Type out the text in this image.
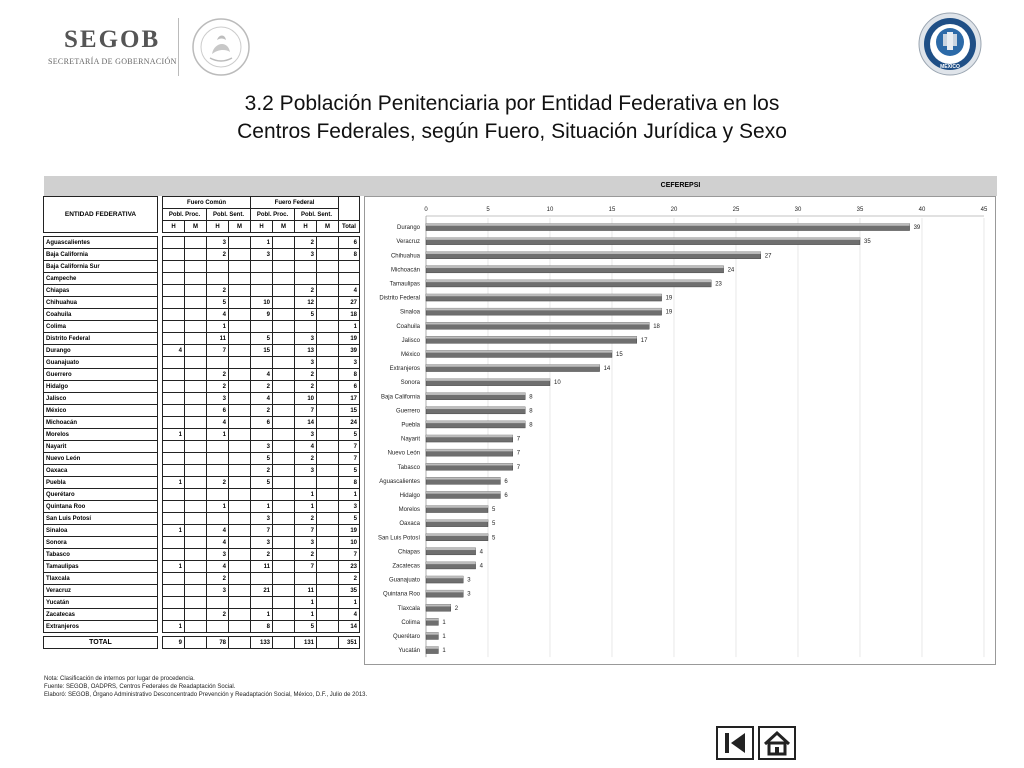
SEGOB
SECRETARÍA DE GOBERNACIÓN
MÉXICO
3.2 Población Penitenciaria por Entidad Federativa en los
Centros Federales, según Fuero, Situación Jurídica y Sexo
CEFEREPSI
ENTIDAD FEDERATIVA		Fuero Común				Fuero Federal				
		Pobl. Proc.		Pobl. Sent.		Pobl. Proc.		Pobl. Sent.		
		H	M	H	M	H	M	H	M	Total

Aguascalientes				3		1		2		6
Baja California				2		3		3		8
Baja California Sur										
Campeche										
Chiapas				2				2		4
Chihuahua				5		10		12		27
Coahuila				4		9		5		18
Colima				1						1
Distrito Federal				11		5		3		19
Durango		4		7		15		13		39
Guanajuato								3		3
Guerrero				2		4		2		8
Hidalgo				2		2		2		6
Jalisco				3		4		10		17
México				6		2		7		15
Michoacán				4		6		14		24
Morelos		1		1				3		5
Nayarit						3		4		7
Nuevo León						5		2		7
Oaxaca						2		3		5
Puebla		1		2		5				8
Querétaro								1		1
Quintana Roo				1		1		1		3
San Luis Potosí						3		2		5
Sinaloa		1		4		7		7		19
Sonora				4		3		3		10
Tabasco				3		2		2		7
Tamaulipas		1		4		11		7		23
Tlaxcala				2						2
Veracruz				3		21		11		35
Yucatán								1		1
Zacatecas				2		1		1		4
Extranjeros		1				8		5		14

TOTAL		9		78		133		131		351
0	5	10	15	20	25	30	35	40	45
Durango	39
Veracruz	35
Chihuahua	27
Michoacán	24
Tamaulipas	23
Distrito Federal	19
Sinaloa	19
Coahuila	18
Jalisco	17
México	15
Extranjeros	14
Sonora	10
Baja California	8
Guerrero	8
Puebla	8
Nayarit	7
Nuevo León	7
Tabasco	7
Aguascalientes	6
Hidalgo	6
Morelos	5
Oaxaca	5
San Luis Potosí	5
Chiapas	4
Zacatecas	4
Guanajuato	3
Quintana Roo	3
Tlaxcala	2
Colima	1
Querétaro	1
Yucatán	1
Nota: Clasificación de internos por lugar de procedencia.
Fuente: SEGOB, OADPRS, Centros Federales de Readaptación Social.
Elaboró: SEGOB, Órgano Administrativo Desconcentrado Prevención y Readaptación Social, México, D.F., Julio de 2013.
